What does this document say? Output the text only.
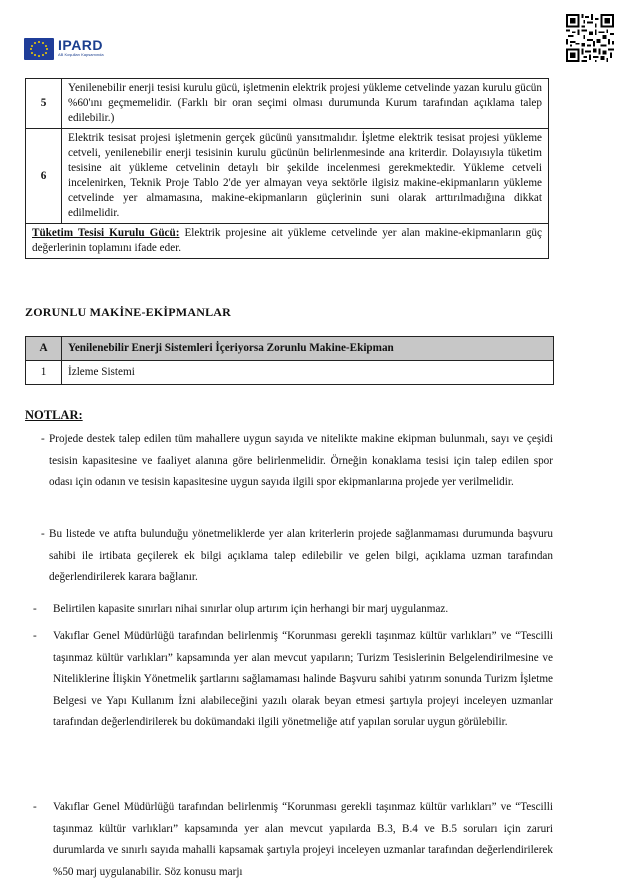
IPARD
AB Koşulları Kapsamında
5	Yenilenebilir enerji tesisi kurulu gücü, işletmenin elektrik projesi yükleme cetvelinde yazan kurulu gücün %60'ını geçmemelidir. (Farklı bir oran seçimi olması durumunda Kurum tarafından açıklama talep edilebilir.)
6	Elektrik tesisat projesi işletmenin gerçek gücünü yansıtmalıdır. İşletme elektrik tesisat projesi yükleme cetveli, yenilenebilir enerji tesisinin kurulu gücünün belirlenmesinde ana kriterdir. Dolayısıyla tüketim tesisine ait yükleme cetvelinin detaylı bir şekilde incelenmesi gerekmektedir. Yükleme cetveli incelenirken, Teknik Proje Tablo 2'de yer almayan veya sektörle ilgisiz makine-ekipmanların yükleme cetvelinde yer almamasına, makine-ekipmanların güçlerinin suni olarak arttırılmadığına dikkat edilmelidir.
Tüketim Tesisi Kurulu Gücü: Elektrik projesine ait yükleme cetvelinde yer alan makine-ekipmanların güç değerlerinin toplamını ifade eder.	
ZORUNLU MAKİNE-EKİPMANLAR
A	Yenilenebilir Enerji Sistemleri İçeriyorsa Zorunlu Makine-Ekipman
1	İzleme Sistemi
NOTLAR:
- Projede destek talep edilen tüm mahallere uygun sayıda ve nitelikte makine ekipman bulunmalı, sayı ve çeşidi tesisin kapasitesine ve faaliyet alanına göre belirlenmelidir. Örneğin konaklama tesisi için talep edilen spor odası için odanın ve tesisin kapasitesine uygun sayıda ilgili spor ekipmanlarına projede yer verilmelidir.
- Bu listede ve atıfta bulunduğu yönetmeliklerde yer alan kriterlerin projede sağlanmaması durumunda başvuru sahibi ile irtibata geçilerek ek bilgi açıklama talep edilebilir ve gelen bilgi, açıklama uzman tarafından değerlendirilerek karara bağlanır.
- Belirtilen kapasite sınırları nihai sınırlar olup artırım için herhangi bir marj uygulanmaz.
- Vakıflar Genel Müdürlüğü tarafından belirlenmiş “Korunması gerekli taşınmaz kültür varlıkları” ve “Tescilli taşınmaz kültür varlıkları” kapsamında yer alan mevcut yapıların; Turizm Tesislerinin Belgelendirilmesine ve Niteliklerine İlişkin Yönetmelik şartlarını sağlamaması halinde Başvuru sahibi yatırım sonunda Turizm İşletme Belgesi ve Yapı Kullanım İzni alabileceğini yazılı olarak beyan etmesi şartıyla projeyi inceleyen uzmanlar tarafından değerlendirilerek bu dokümandaki ilgili yönetmeliğe atıf yapılan sorular uygun görülebilir.
- Vakıflar Genel Müdürlüğü tarafından belirlenmiş “Korunması gerekli taşınmaz kültür varlıkları” ve “Tescilli taşınmaz kültür varlıkları” kapsamında yer alan mevcut yapılarda B.3, B.4 ve B.5 soruları için zaruri durumlarda ve sınırlı sayıda mahalli kapsamak şartıyla projeyi inceleyen uzmanlar tarafından değerlendirilerek %50 marj uygulanabilir. Söz konusu marjı
